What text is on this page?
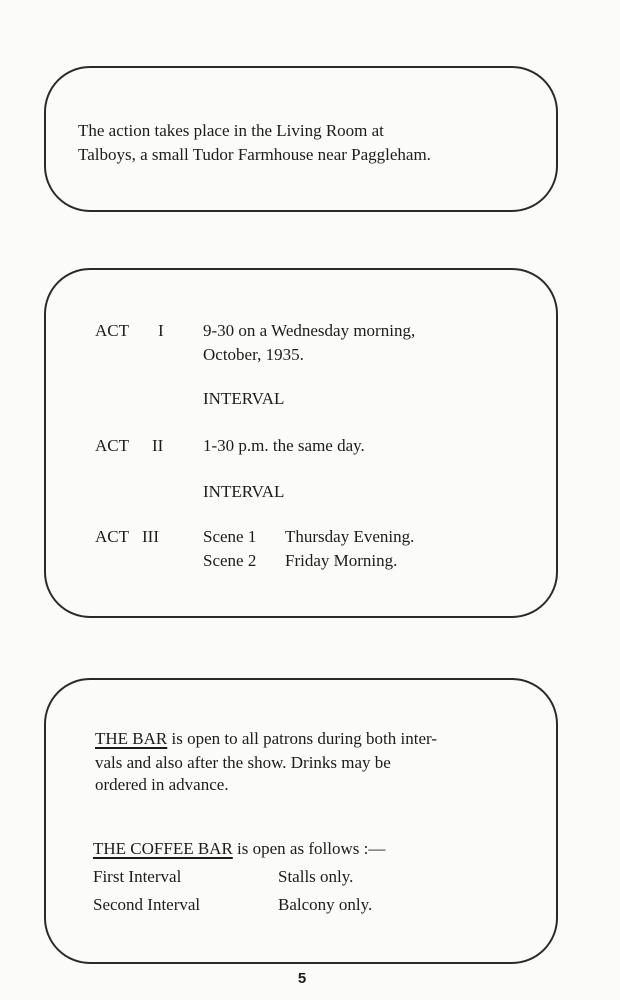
The action takes place in the Living Room at
Talboys, a small Tudor Farmhouse near Paggleham.
ACT I 9-30 on a Wednesday morning,
October, 1935.
INTERVAL
ACT II 1-30 p.m. the same day.
INTERVAL
ACT III	Scene 1 Thursday Evening.
Scene 2 Friday Morning.
THE BAR is open to all patrons during both inter-
vals and also after the show. Drinks may be
ordered in advance.
THE COFFEE BAR is open as follows :—
First Interval	Stalls only.
Second Interval	Balcony only.
5
